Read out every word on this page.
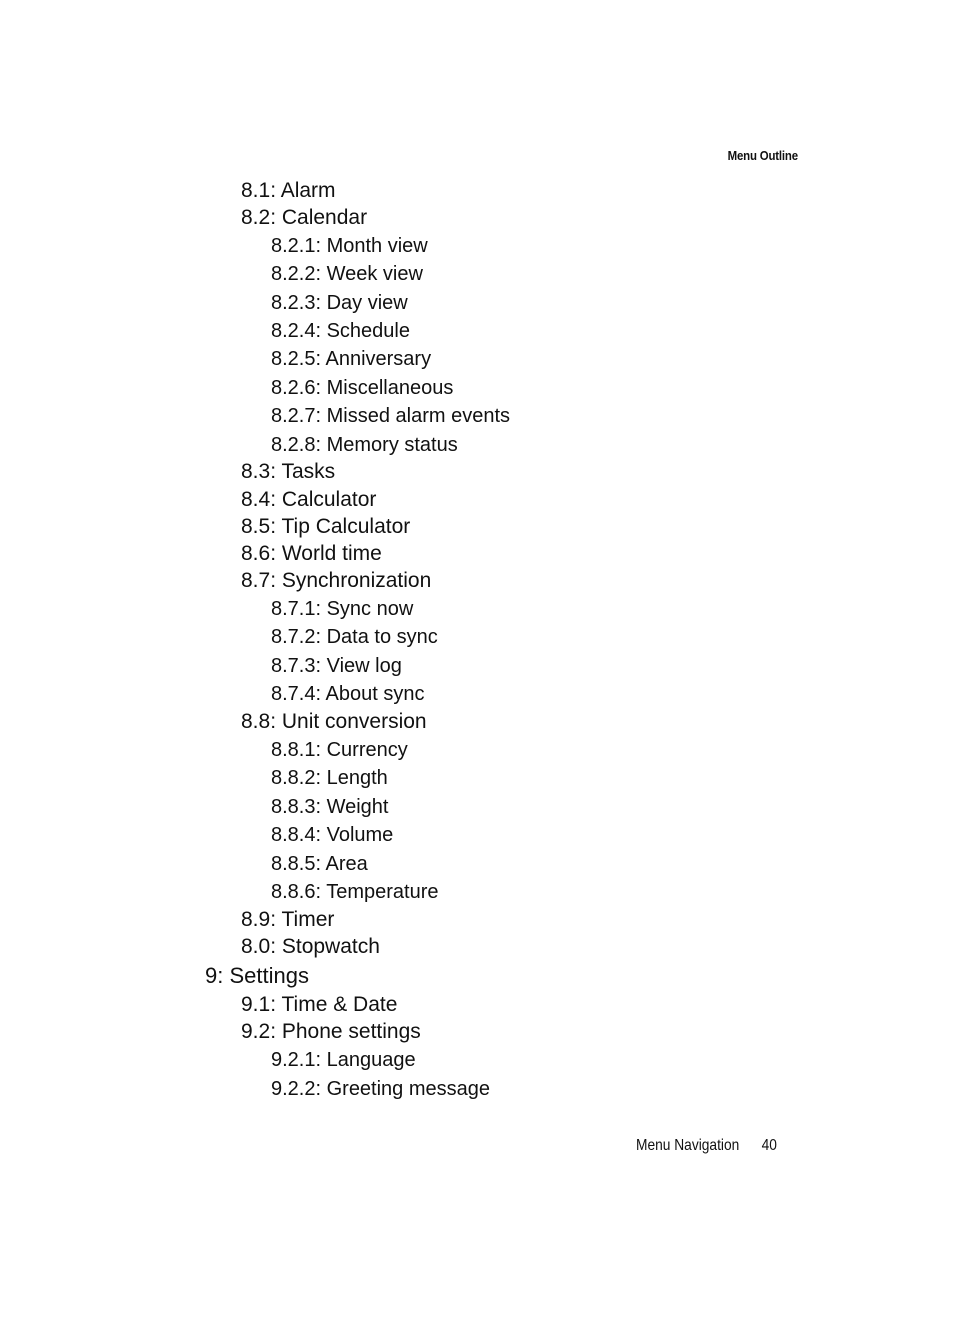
Menu Outline
8.1: Alarm
8.2: Calendar
8.2.1: Month view
8.2.2: Week view
8.2.3: Day view
8.2.4: Schedule
8.2.5: Anniversary
8.2.6: Miscellaneous
8.2.7: Missed alarm events
8.2.8: Memory status
8.3: Tasks
8.4: Calculator
8.5: Tip Calculator
8.6: World time
8.7: Synchronization
8.7.1: Sync now
8.7.2: Data to sync
8.7.3: View log
8.7.4: About sync
8.8: Unit conversion
8.8.1: Currency
8.8.2: Length
8.8.3: Weight
8.8.4: Volume
8.8.5: Area
8.8.6: Temperature
8.9: Timer
8.0: Stopwatch
9: Settings
9.1: Time & Date
9.2: Phone settings
9.2.1: Language
9.2.2: Greeting message
Menu Navigation 40
